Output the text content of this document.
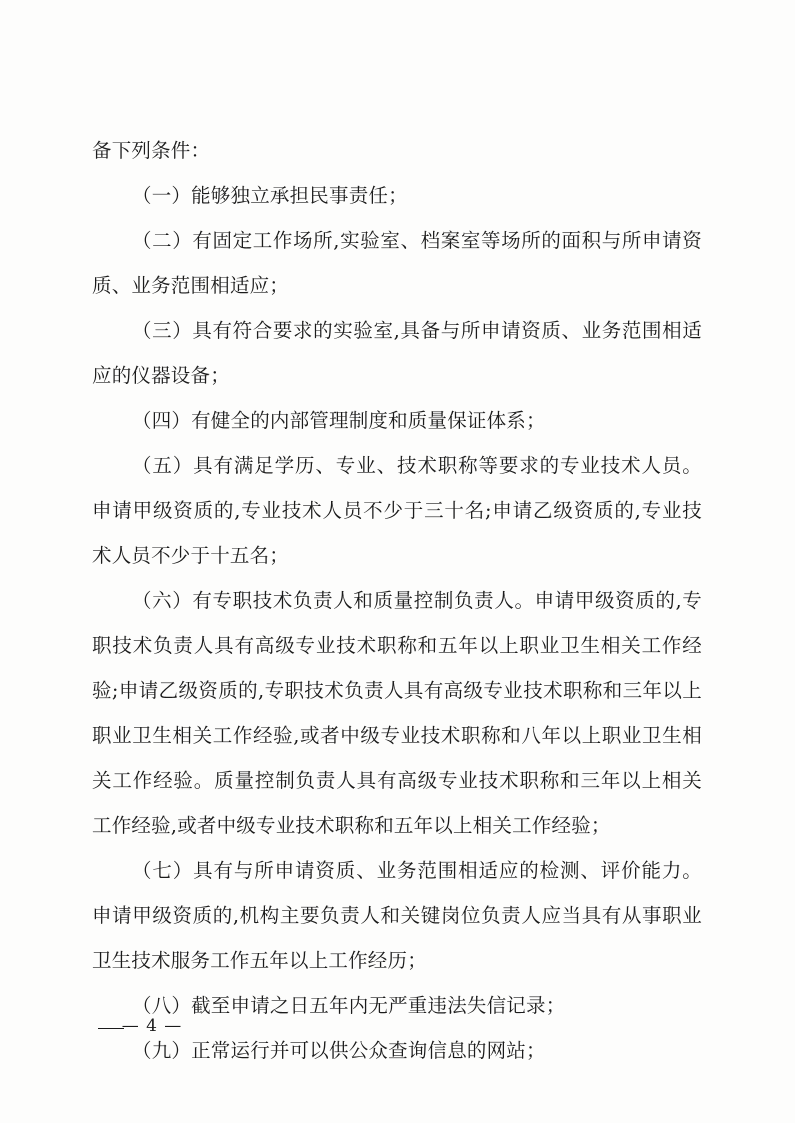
备下列条件：

（一）能够独立承担民事责任；

（二）有固定工作场所,实验室、档案室等场所的面积与所申请资质、业务范围相适应；

（三）具有符合要求的实验室,具备与所申请资质、业务范围相适应的仪器设备；

（四）有健全的内部管理制度和质量保证体系；

（五）具有满足学历、专业、技术职称等要求的专业技术人员。申请甲级资质的,专业技术人员不少于三十名;申请乙级资质的,专业技术人员不少于十五名；

（六）有专职技术负责人和质量控制负责人。申请甲级资质的,专职技术负责人具有高级专业技术职称和五年以上职业卫生相关工作经验;申请乙级资质的,专职技术负责人具有高级专业技术职称和三年以上职业卫生相关工作经验,或者中级专业技术职称和八年以上职业卫生相关工作经验。质量控制负责人具有高级专业技术职称和三年以上相关工作经验,或者中级专业技术职称和五年以上相关工作经验；

（七）具有与所申请资质、业务范围相适应的检测、评价能力。申请甲级资质的,机构主要负责人和关键岗位负责人应当具有从事职业卫生技术服务工作五年以上工作经历；

（八）截至申请之日五年内无严重违法失信记录；

（九）正常运行并可以供公众查询信息的网站；

— 4 —
